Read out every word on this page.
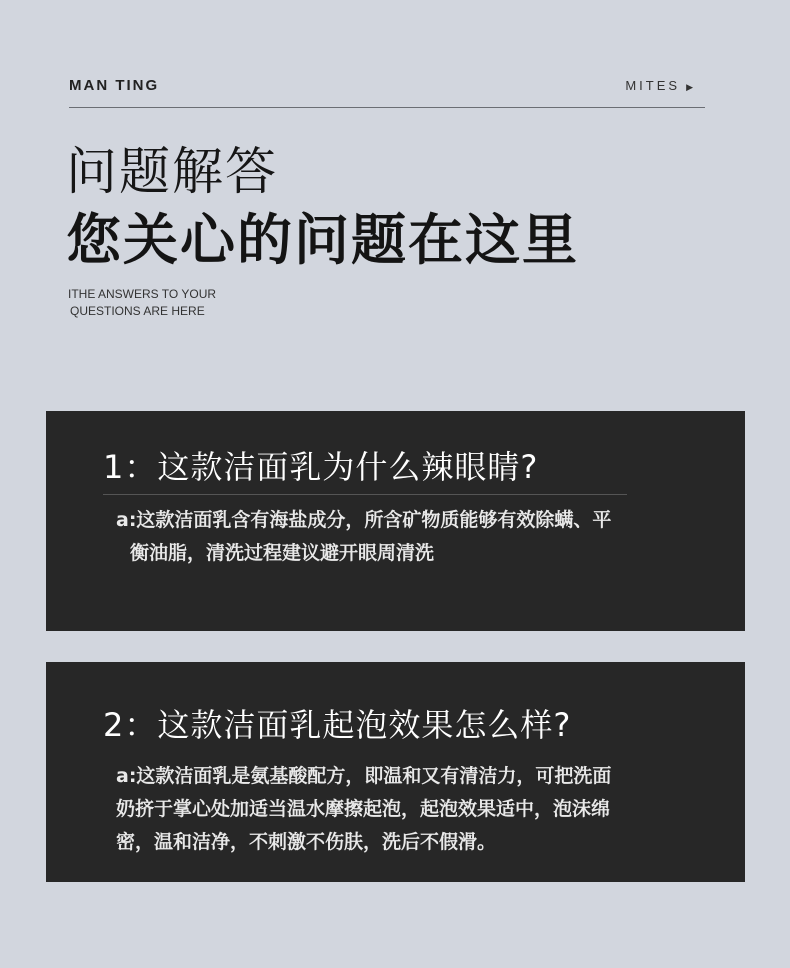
MAN TING	MITES ▶
问题解答
您关心的问题在这里
ITHE ANSWERS TO YOUR
QUESTIONS ARE HERE
1：这款洁面乳为什么辣眼睛?
a:这款洁面乳含有海盐成分，所含矿物质能够有效除螨、平
衡油脂，清洗过程建议避开眼周清洗
2：这款洁面乳起泡效果怎么样?
a:这款洁面乳是氨基酸配方，即温和又有清洁力，可把洗面
奶挤于掌心处加适当温水摩擦起泡，起泡效果适中，泡沫绵
密，温和洁净，不刺激不伤肤，洗后不假滑。
